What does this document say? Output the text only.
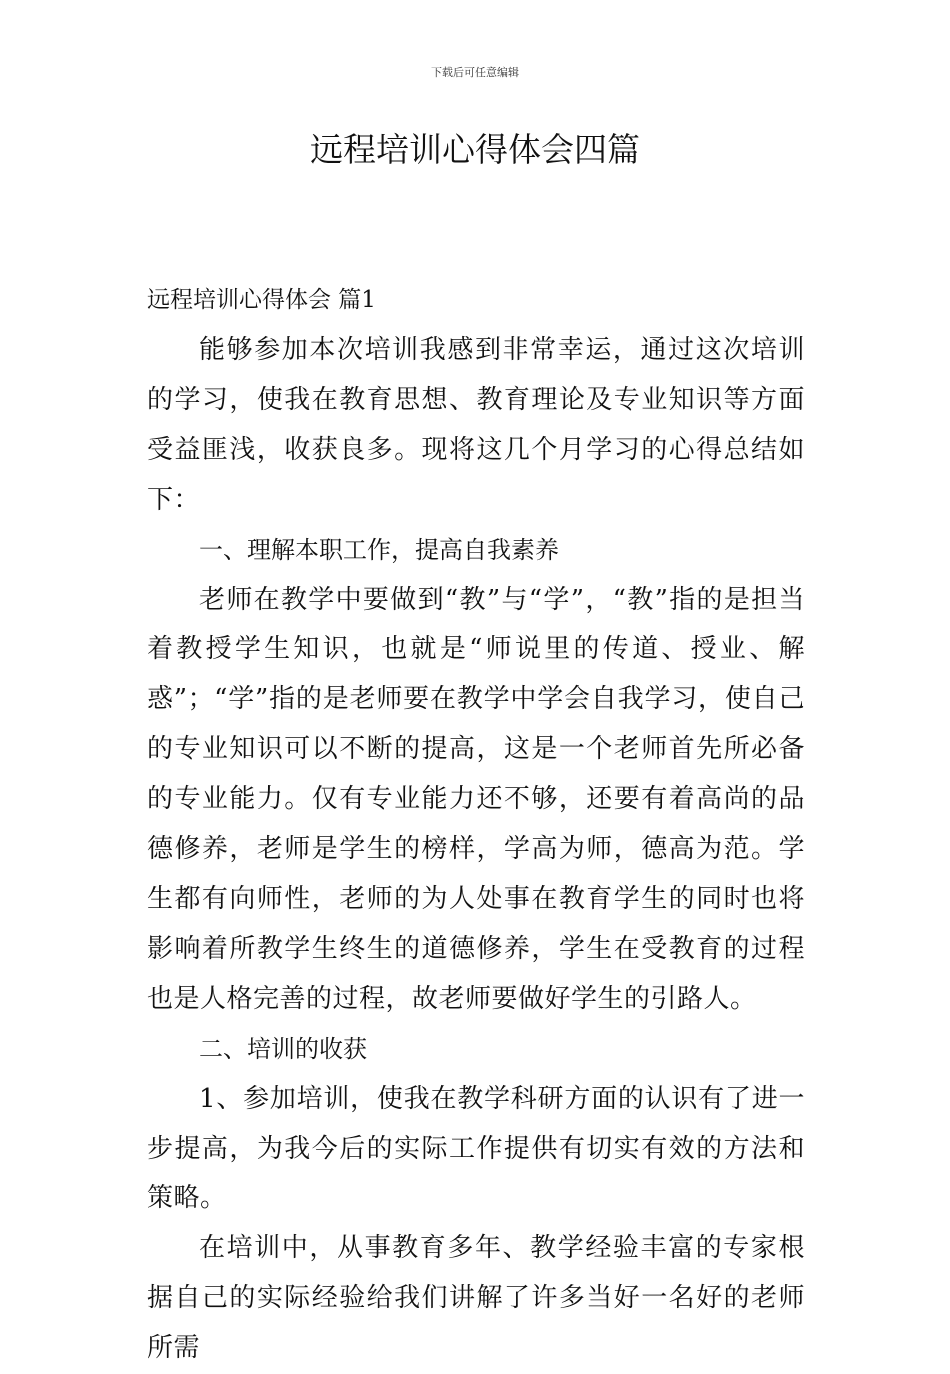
下载后可任意编辑
远程培训心得体会四篇

远程培训心得体会 篇1

能够参加本次培训我感到非常幸运，通过这次培训的学习，使我在教育思想、教育理论及专业知识等方面受益匪浅，收获良多。现将这几个月学习的心得总结如下：

一、理解本职工作，提高自我素养

老师在教学中要做到“教”与“学”，“教”指的是担当着教授学生知识，也就是“师说里的传道、授业、解惑”；“学”指的是老师要在教学中学会自我学习，使自己的专业知识可以不断的提高，这是一个老师首先所必备的专业能力。仅有专业能力还不够，还要有着高尚的品德修养，老师是学生的榜样，学高为师，德高为范。学生都有向师性，老师的为人处事在教育学生的同时也将影响着所教学生终生的道德修养，学生在受教育的过程也是人格完善的过程，故老师要做好学生的引路人。

二、培训的收获

1、参加培训，使我在教学科研方面的认识有了进一步提高，为我今后的实际工作提供有切实有效的方法和策略。

在培训中，从事教育多年、教学经验丰富的专家根据自己的实际经验给我们讲解了许多当好一名好的老师所需
